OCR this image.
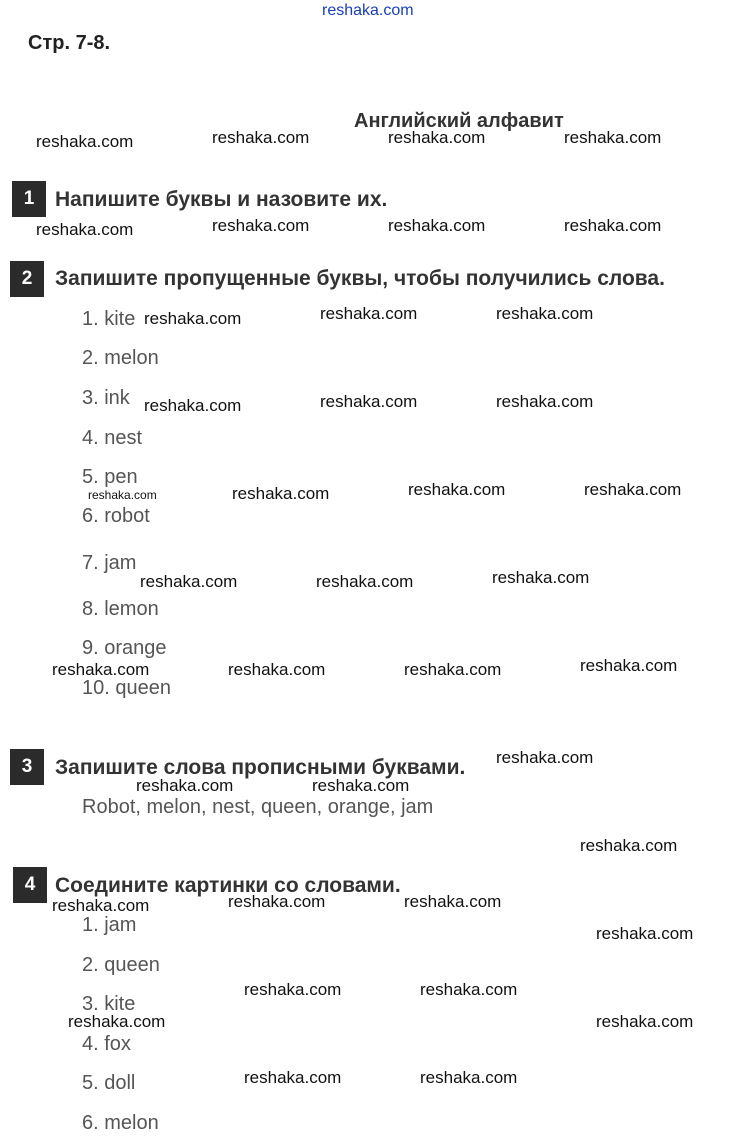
reshaka.com
Стр. 7-8.
Английский алфавит
1 Напишите буквы и назовите их.
2	Запишите пропущенные буквы, чтобы получились слова.
1. kite
2. melon
3. ink
4. nest
5. pen
6. robot
7. jam
8. lemon
9. orange
10. queen
3	Запишите слова прописными буквами.
Robot, melon, nest, queen, orange, jam
4 Соедините картинки со словами.
1. jam
2. queen
3. kite
4. fox
5. doll
6. melon
reshaka.com	reshaka.com	reshaka.com	reshaka.com
reshaka.com	reshaka.com	reshaka.com	reshaka.com
reshaka.com	reshaka.com	reshaka.com
reshaka.com	reshaka.com	reshaka.com
reshaka.com	reshaka.com	reshaka.com	reshaka.com
reshaka.com	reshaka.com	reshaka.com
reshaka.com	reshaka.com	reshaka.com	reshaka.com
reshaka.com
reshaka.com	reshaka.com
reshaka.com
reshaka.com	reshaka.com	reshaka.com
reshaka.com
reshaka.com	reshaka.com
reshaka.com	reshaka.com
reshaka.com	reshaka.com
